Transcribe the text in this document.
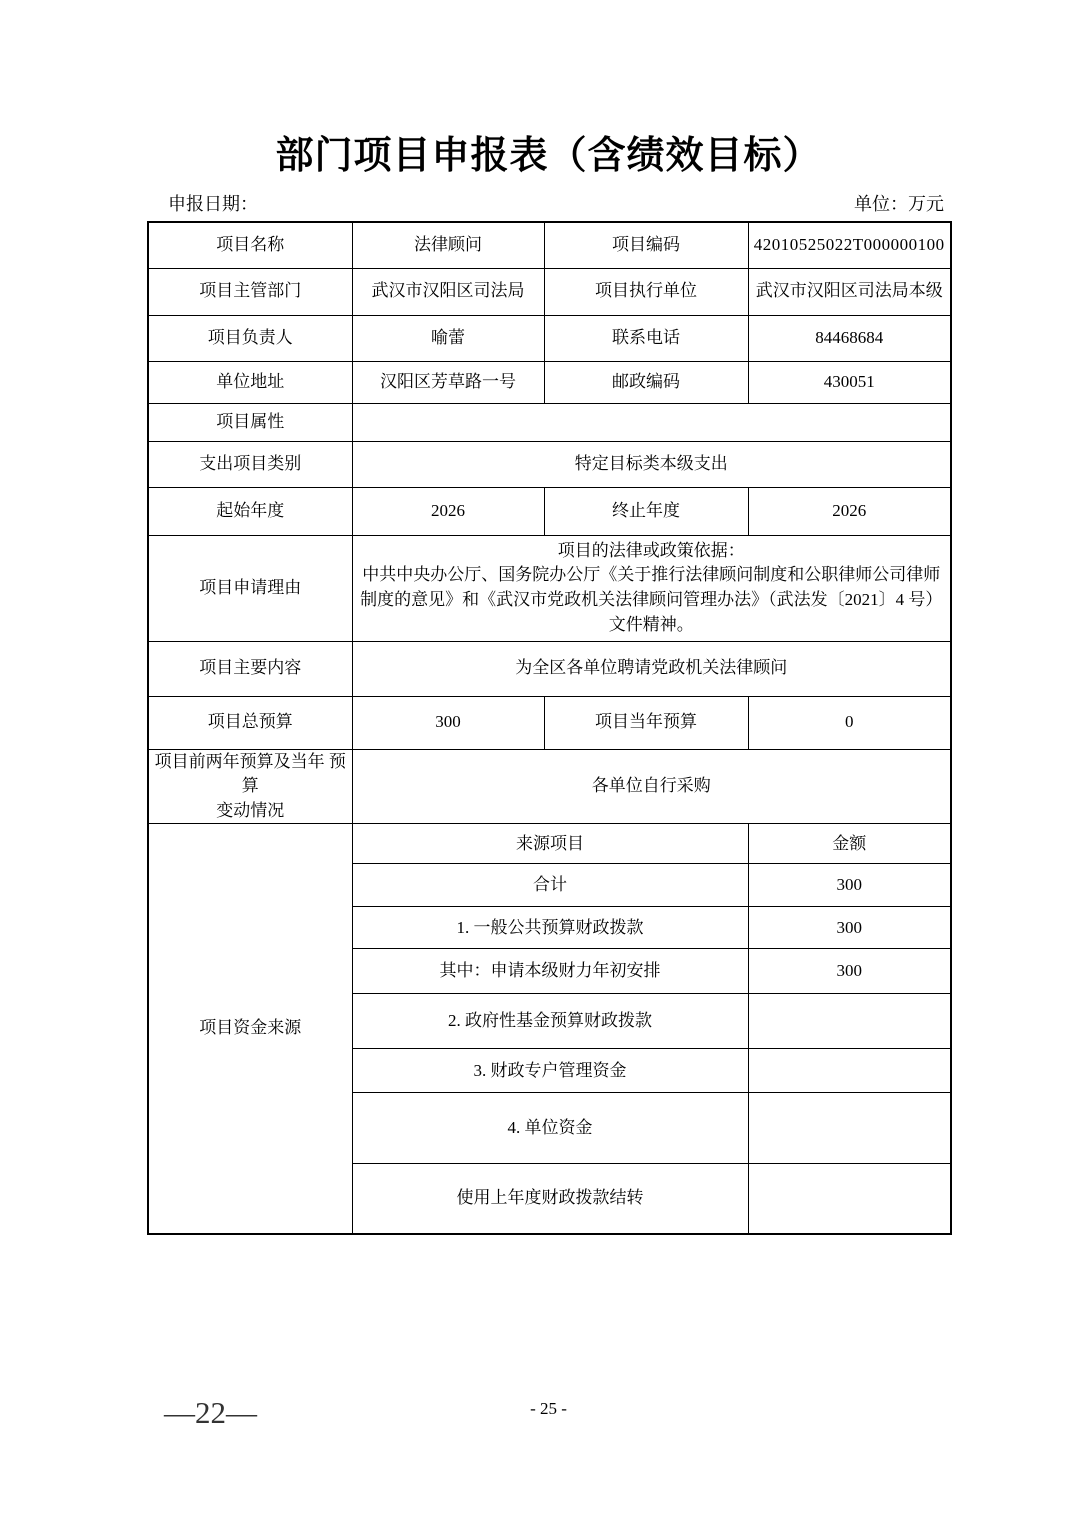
部门项目申报表（含绩效目标）
申报日期：	单位：万元
项目名称	法律顾问	项目编码	42010525022T000000100
项目主管部门	武汉市汉阳区司法局	项目执行单位	武汉市汉阳区司法局本级
项目负责人	喻蕾	联系电话	84468684
单位地址	汉阳区芳草路一号	邮政编码	430051
项目属性			
支出项目类别	特定目标类本级支出		
起始年度	2026	终止年度	2026
项目申请理由	项目的法律或政策依据：
中共中央办公厅、国务院办公厅《关于推行法律顾问制度和公职律师公司律师制度的意见》和《武汉市党政机关法律顾问管理办法》（武法发〔2021〕4 号）文件精神。		

项目主要内容	为全区各单位聘请党政机关法律顾问		
项目总预算	300	项目当年预算	0

项目前两年预算及当年 预算
变动情况	各单位自行采购		
项目资金来源	来源项目		金额
	合计		300
	1. 一般公共预算财政拨款		300
	其中：申请本级财力年初安排		300
	2. 政府性基金预算财政拨款		
	3. 财政专户管理资金		
	4. 单位资金		
	使用上年度财政拨款结转		
—22—	- 25 -
